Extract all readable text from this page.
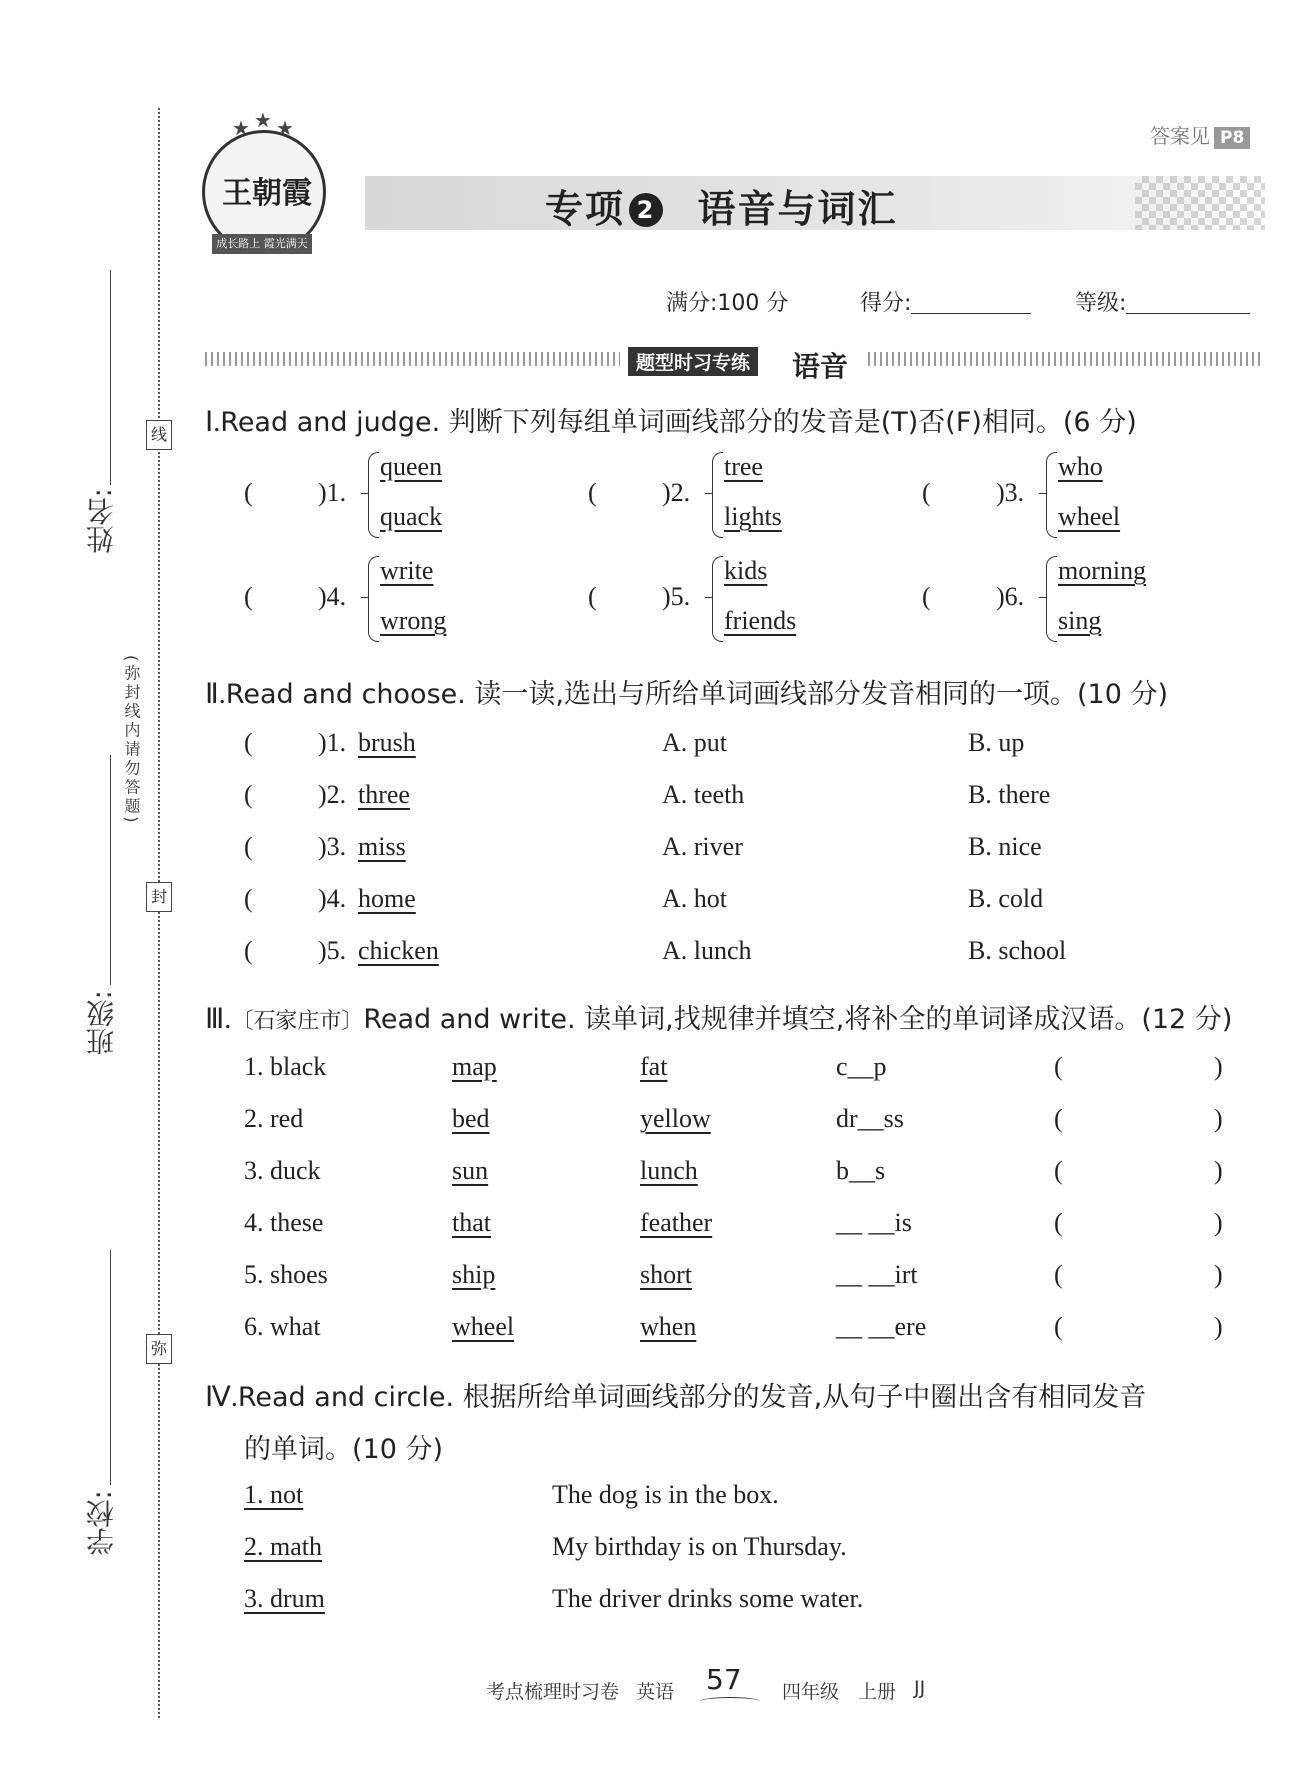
姓名:
班级:
学校:
线
封
弥
(弥封线内请勿答题)
★ ★ ★
王朝霞
成长路上 霞光满天
答案见 P8
专项 2 语音与词汇
满分:100 分	得分:	等级:
题型时习专练 语音
Ⅰ.Read and judge. 判断下列每组单词画线部分的发音是(T)否(F)相同。(6 分)
(	)1.
queen
quack
(	)2.
tree
lights
(	)3.
who
wheel
(	)4.
write
wrong
(	)5.
kids
friends
(	)6.
morning
sing
Ⅱ.Read and choose. 读一读,选出与所给单词画线部分发音相同的一项。(10 分)
(	)1. brush	A. put	B. up
(	)2. three	A. teeth	B. there
(	)3. miss	A. river	B. nice
(	)4. home	A. hot	B. cold
(	)5. chicken	A. lunch	B. school
Ⅲ.〔石家庄市〕Read and write. 读单词,找规律并填空,将补全的单词译成汉语。(12 分)
1. black	map	fat	c__p	(	)
2. red	bed	yellow	dr__ss	(	)
3. duck	sun	lunch	b__s	(	)
4. these	that	feather	__ __is	(	)
5. shoes	ship	short	__ __irt	(	)
6. what	wheel	when	__ __ere	(	)
Ⅳ.Read and circle. 根据所给单词画线部分的发音,从句子中圈出含有相同发音
的单词。(10 分)
1. not	The dog is in the box.
2. math	My birthday is on Thursday.
3. drum	The driver drinks some water.
考点梳理时习卷 英语 57 四年级 上册 JJ
